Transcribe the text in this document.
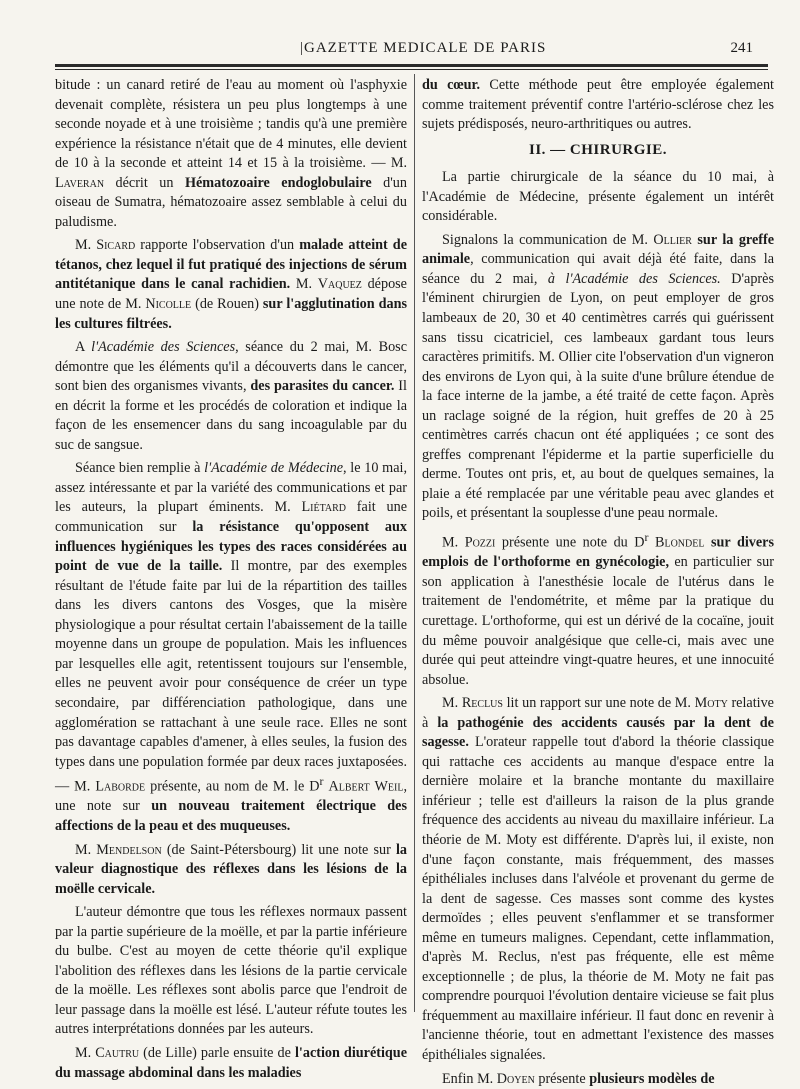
|GAZETTE MEDICALE DE PARIS	241

bitude : un canard retiré de l'eau au moment où l'asphyxie devenait complète, résistera un peu plus longtemps à une seconde noyade et à une troisième ; tandis qu'à une première expérience la résistance n'était que de 4 minutes, elle devient de 10 à la seconde et atteint 14 et 15 à la troisième. — M. Laveran décrit un Hématozoaire endoglobulaire d'un oiseau de Sumatra, hématozoaire assez semblable à celui du paludisme.

M. Sicard rapporte l'observation d'un malade atteint de tétanos, chez lequel il fut pratiqué des injections de sérum antitétanique dans le canal rachidien. M. Vaquez dépose une note de M. Nicolle (de Rouen) sur l'agglutination dans les cultures filtrées.

A l'Académie des Sciences, séance du 2 mai, M. Bosc démontre que les éléments qu'il a découverts dans le cancer, sont bien des organismes vivants, des parasites du cancer. Il en décrit la forme et les procédés de coloration et indique la façon de les ensemencer dans du sang incoagulable par du suc de sangsue.

Séance bien remplie à l'Académie de Médecine, le 10 mai, assez intéressante et par la variété des communications et par les auteurs, la plupart éminents. M. Liétard fait une communication sur la résistance qu'opposent aux influences hygiéniques les types des races considérées au point de vue de la taille. Il montre, par des exemples résultant de l'étude faite par lui de la répartition des tailles dans les divers cantons des Vosges, que la misère physiologique a pour résultat certain l'abaissement de la taille moyenne dans un groupe de population. Mais les influences par lesquelles elle agit, retentissent toujours sur l'ensemble, elles ne peuvent avoir pour conséquence de créer un type secondaire, par différenciation pathologique, dans une agglomération se rattachant à une seule race. Elles ne sont pas davantage capables d'amener, à elles seules, la fusion des types dans une population formée par deux races juxtaposées. — M. Laborde présente, au nom de M. le $D^r$ Albert Weil, une note sur un nouveau traitement électrique des affections de la peau et des muqueuses.

M. Mendelson (de Saint-Pétersbourg) lit une note sur la valeur diagnostique des réflexes dans les lésions de la moëlle cervicale.

L'auteur démontre que tous les réflexes normaux passent par la partie supérieure de la moëlle, et par la partie inférieure du bulbe. C'est au moyen de cette théorie qu'il explique l'abolition des réflexes dans les lésions de la partie cervicale de la moëlle. Les réflexes sont abolis parce que l'endroit de leur passage dans la moëlle est lésé. L'auteur réfute toutes les autres interprétations données par les auteurs.

M. Cautru (de Lille) parle ensuite de l'action diurétique du massage abdominal dans les maladies

du cœur. Cette méthode peut être employée également comme traitement préventif contre l'artério-sclérose chez les sujets prédisposés, neuro-arthritiques ou autres.

II. — CHIRURGIE.

La partie chirurgicale de la séance du 10 mai, à l'Académie de Médecine, présente également un intérêt considérable.

Signalons la communication de M. Ollier sur la greffe animale, communication qui avait déjà été faite, dans la séance du 2 mai, à l'Académie des Sciences. D'après l'éminent chirurgien de Lyon, on peut employer de gros lambeaux de 20, 30 et 40 centimètres carrés qui guérissent sans tissu cicatriciel, ces lambeaux gardant tous leurs caractères primitifs. M. Ollier cite l'observation d'un vigneron des environs de Lyon qui, à la suite d'une brûlure étendue de la face interne de la jambe, a été traité de cette façon. Après un raclage soigné de la région, huit greffes de 20 à 25 centimètres carrés chacun ont été appliquées ; ce sont des greffes comprenant l'épiderme et la partie superficielle du derme. Toutes ont pris, et, au bout de quelques semaines, la plaie a été remplacée par une véritable peau avec glandes et poils, et présentant la souplesse d'une peau normale.

M. Pozzi présente une note du $D^r$ Blondel sur divers emplois de l'orthoforme en gynécologie, en particulier sur son application à l'anesthésie locale de l'utérus dans le traitement de l'endométrite, et même par la pratique du curettage. L'orthoforme, qui est un dérivé de la cocaïne, jouit du même pouvoir analgésique que celle-ci, mais avec une durée qui peut atteindre vingt-quatre heures, et une innocuité absolue.

M. Reclus lit un rapport sur une note de M. Moty relative à la pathogénie des accidents causés par la dent de sagesse. L'orateur rappelle tout d'abord la théorie classique qui rattache ces accidents au manque d'espace entre la dernière molaire et la branche montante du maxillaire inférieur ; telle est d'ailleurs la raison de la plus grande fréquence des accidents au niveau du maxillaire inférieur. La théorie de M. Moty est différente. D'après lui, il existe, non d'une façon constante, mais fréquemment, des masses épithéliales incluses dans l'alvéole et provenant du germe de la dent de sagesse. Ces masses sont comme des kystes dermoïdes ; elles peuvent s'enflammer et se transformer même en tumeurs malignes. Cependant, cette inflammation, d'après M. Reclus, n'est pas fréquente, elle est même exceptionnelle ; de plus, la théorie de M. Moty ne fait pas comprendre pourquoi l'évolution dentaire vicieuse se fait plus fréquemment au maxillaire inférieur. Il faut donc en revenir à l'ancienne théorie, tout en admettant l'existence des masses épithéliales signalées.

Enfin M. Doyen présente plusieurs modèles de
